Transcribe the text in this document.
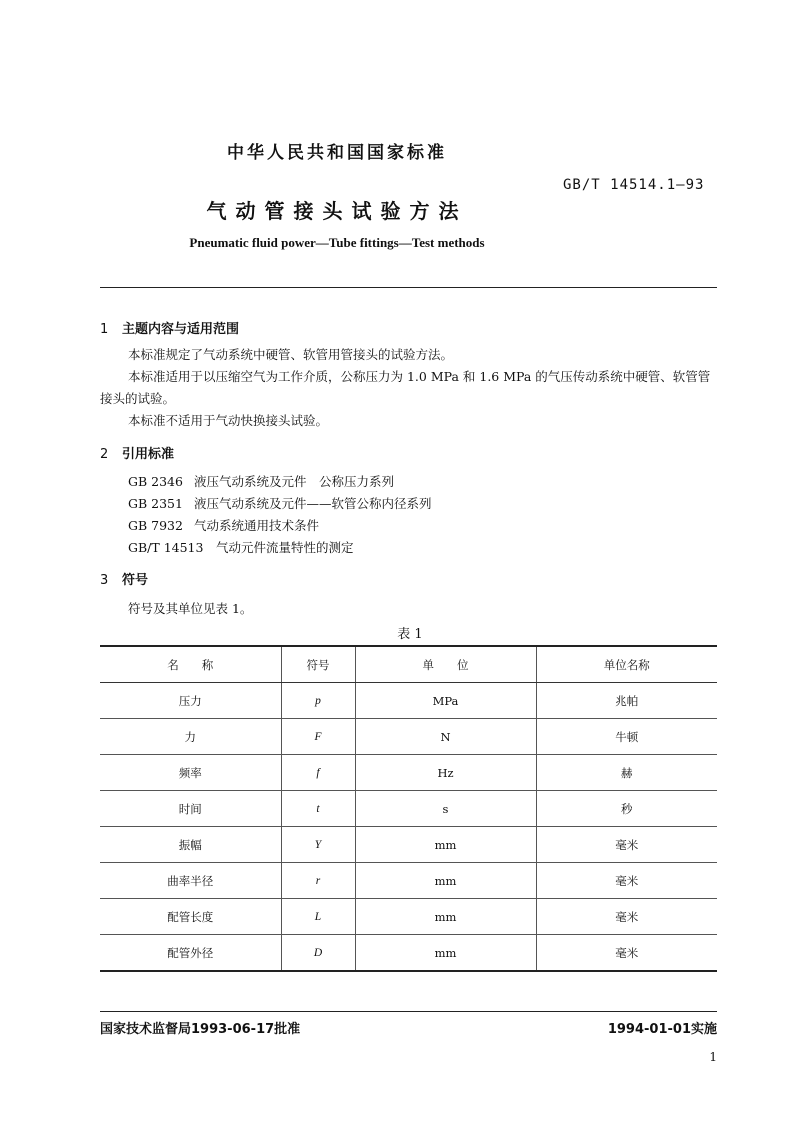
中华人民共和国国家标准
GB/T 14514.1—93
气动管接头试验方法
Pneumatic fluid power—Tube fittings—Test methods
1 主题内容与适用范围
本标准规定了气动系统中硬管、软管用管接头的试验方法。
本标准适用于以压缩空气为工作介质，公称压力为 1.0 MPa 和 1.6 MPa 的气压传动系统中硬管、软管管接头的试验。
本标准不适用于气动快换接头试验。
2 引用标准
GB 2346 液压气动系统及元件　公称压力系列
GB 2351 液压气动系统及元件——软管公称内径系列
GB 7932 气动系统通用技术条件
GB/T 14513 气动元件流量特性的测定
3 符号
符号及其单位见表 1。
表 1
名　　称	符号	单　　位	单位名称
压力	p	MPa	兆帕
力	F	N	牛顿
频率	f	Hz	赫
时间	t	s	秒
振幅	Y	mm	毫米
曲率半径	r	mm	毫米
配管长度	L	mm	毫米
配管外径	D	mm	毫米
国家技术监督局1993-06-17批准	1994-01-01实施
1
